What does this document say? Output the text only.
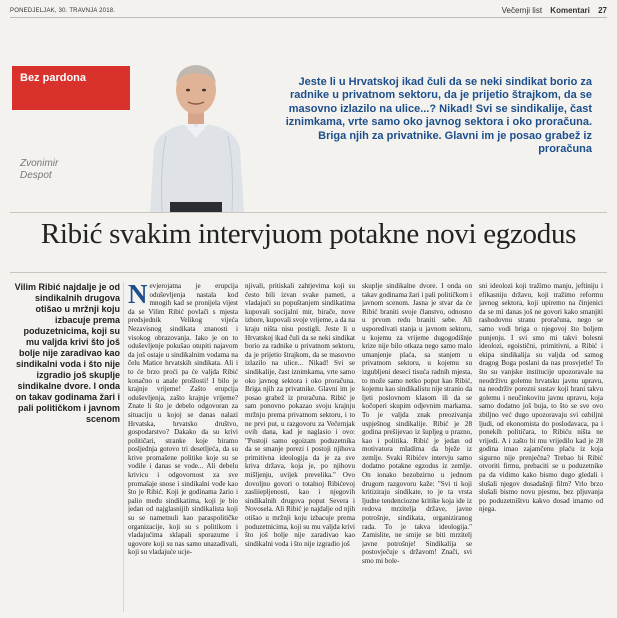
PONEDJELJAK, 30. TRAVNJA 2018.	Večernji list Komentari 27
Bez pardona
Zvonimir
Despot
Jeste li u Hrvatskoj ikad čuli da se neki sindikat borio za radnike u privatnom sektoru, da je prijetio štrajkom, da se masovno izlazilo na ulice...? Nikad! Svi se sindikalije, čast iznimkama, vrte samo oko javnog sektora i oko proračuna. Briga njih za privatnike. Glavni im je posao grabež iz proračuna
Ribić svakim intervjuom potakne novi egzodus
Vilim Ribić najdalje je od sindikalnih drugova otišao u mržnji koju izbacuje prema poduzetnicima, koji su mu valjda krivi što još bolje nije zaradivao kao sindikalni voda i što nije izgradio još skuplje sindikalne dvore. I onda on takav godinama žari i pali političkom i javnom scenom
Nevjerojatna je erupcija oduševljenja nastala kod mnogih kad se pronijela vijest da se Vilim Ribić povlači s mjesta predsjednik Velikog vijeća Nezavisnog sindikata znanosti i visokog obrazovanja. Iako je on to oduševljenje pokušao otupiti najavom da još ostaje u sindikalnim vodama na čelu Matice hrvatskih sindikata. Ali i to će brzo proći pa će valjda Ribić konačno u anale prošlosti! I bilo je krajnje vrijeme! Zašto erupcija oduševljenja, zašto krajnje vrijeme? Znate li što je debelo odgovoran za situaciju u kojoj se danas nalazi Hrvatska, hrvatsko društvo, gospodarstvo? Dakako da su krivi političari, stranke koje biramo posljednja gotovo tri desetljeća, da su krive promašene politike koje su se vodile i danas se vode... Ali debelu krivicu i odgovornost za sve promašaje snose i sindikalni vođe kao što je Ribić. Koji je godinama žario i palio među sindikatima, koji je bio jedan od najglasnijih sindikalista koji su se nametnuli kao paraspolitičke organizacije, koji su s politikom i vladajućima sklapali sporazume i ugovore koji su nas samo unazađivali, koji su vladajuće ucje-
njivali, pritiskali zahtjevima koji su često bili izvan svake pameti, a vladajući su popuštanjem sindikatima kupovali socijalni mir, birače, nove izbore, kupovali svoje vrijeme, a da na kraju ništa nisu postigli. Jeste li u Hrvatskoj ikad čuli da se neki sindikat borio za radnike u privatnom sektoru, da je prijetio štrajkom, da se masovno izlazilo na ulice... Nikad! Svi se sindikalije, čast iznimkama, vrte samo oko javnog sektora i oko proračuna. Briga njih za privatnike. Glavni im je posao grabež iz proračuna. Ribić je sam ponovno pokazao svoju krajnju mržnju prema privatnom sektoru, i to ne prvi put, u razgovoru za Večernjak ovih dana, kad je naglasio i ovo: "Postoji samo egoizam poduzetnika da se smanje porezi i postoji njihova primitivna ideologija da je za sve kriva država, koja je, po njihovu mišljenju, uvijek prevelika." Ovo dovoljno govori o totalnoj Ribićevoj zasliiepljenosti, kao i njegovih sindikalnih drugova poput Severa i Novosela. Ali Ribić je najdalje od njih otišao u mržnji koju izbacuje prema poduzetnicima, koji su mu valjda krivi što još bolje nije zaradivao kao sindikalni voda i što nije izgradio još
skuplje sindikalne dvore. I onda on takav godinama žari i pali političkom i javnom scenom. Jasna je stvar da će Ribić braniti svoje članstvo, odnosno u prvom redu braniti sebe. Ali usporedivati stanja u javnom sektoru, u kojemu za vrijeme dugogodišnje krize nije bilo otkaza nego samo malo umanjenje plaća, sa stanjem u privatnom sektoru, u kojemu su izgubljeni deseci tisuća radnih mjesta, to može samo netko poput kao Ribić, kojemu kao sindikalistu nije stranio da ljeti poslovnom klasom ili da se kočoperi skupim odjevnim markama. To je valjda znak preozivanja uspješnog sindikalije. Ribić je 28 godina prešijevao iz šupljeg u prazno, kao i politika. Ribić je jedan od motivatora mladima da bježe iz zemlje. Svaki Ribićev intervju samo dodatno potakne egzodus iz zemlje. On ionako bezobzirno u jednom drugom razgovoru kaže: "Svi ti koji kritiziraju sindikate, to je ta vrsta ljudne tendenciozne kritike koja ide iz redova mrzitelja države, javne potrošnje, sindikata, organiziranog rada. To je takva ideologija." Zamislite, ne smije se biti mrzitelj javne potrošnje! Sindikalija se postovječuje s državom! Znači, svi smo mi bole-
sni ideolozi koji tražimo manju, jeftiniju i efikasniju državu, koji tražimo reformu javnog sektora, koji upiremo na činjenici da se mi danas još ne govori kako smanjiti rashodovnu stranu proračuna, nego se samo vodi briga o njegovoj što boljem punjenju. I svi smo mi takvi bolesni ideolozi, egoistični, primitivni, a Ribić i ekipa sindikalija su valjda od samog dragog Boga poslani da nas prosvjetle! To što su vanjske institucije upozoravale na neodrživu golemu hrvatsku javnu upravu, na neodrživ porezni sustav koji hrani takvu golemu i neučinkovitu javnu upravu, koja samo dodatno još buja, to što se sve ovo zbiljno već dugo upozoravaju svi ozbiljni ljudi, od ekonomista do poslodavaca, pa i ponekih političara, to Ribiću ništa ne vrijedi. A i zašto bi mu vrijedilo kad je 28 godina imao zajamčenu plaću iz koja sigurno nije prenječna? Trebao bi Ribić otvoriti firmu, prebaciti se u poduzetnike pa da vidimo kako bismo dugo gledali i slušali njegov dosadašnji film? Vrlo brzo slušali bismo novu pjesmu, bez pljuvanja po poduzetništvu kakvo dosad imamo od njega.
